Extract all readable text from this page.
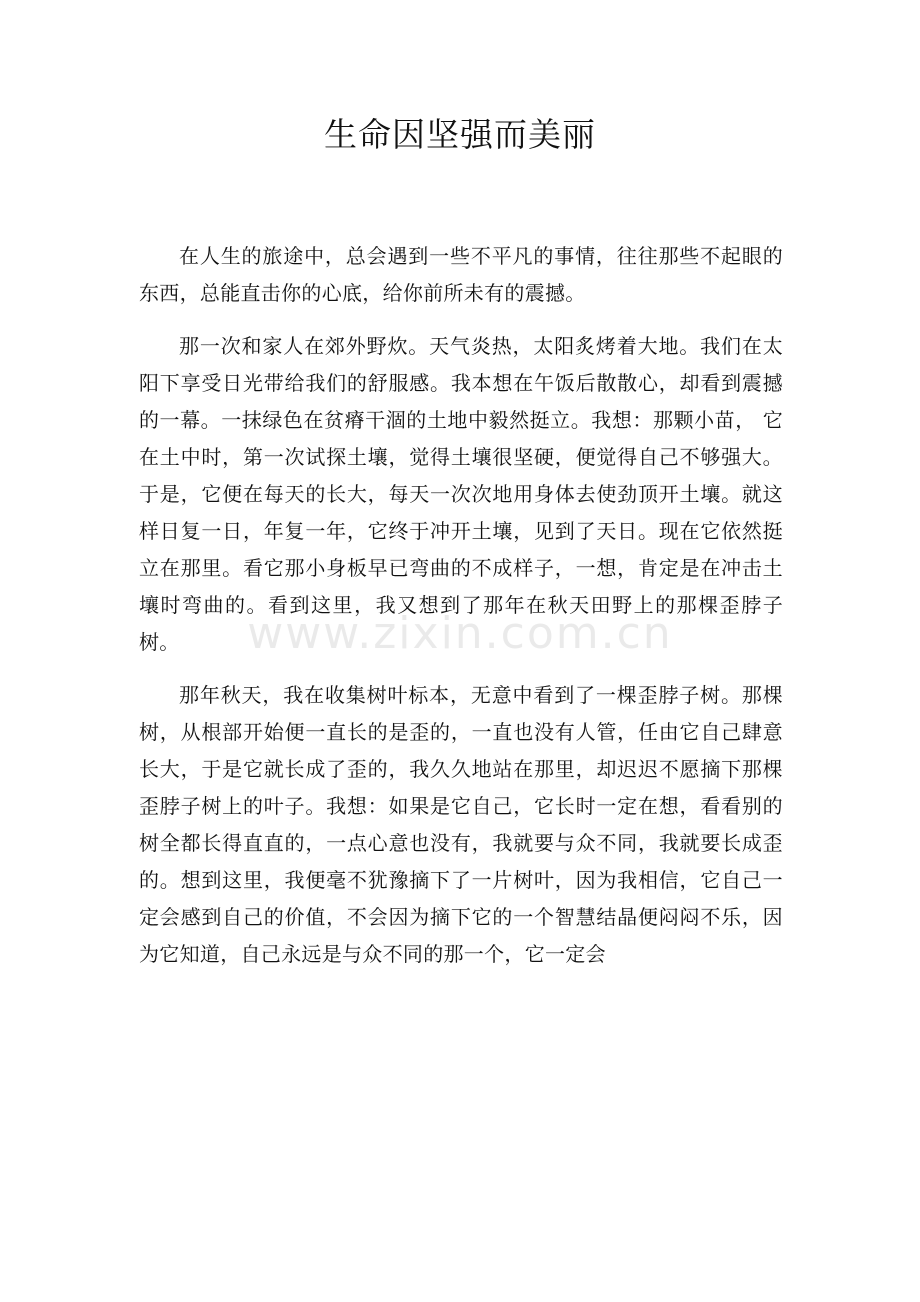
生命因坚强而美丽

在人生的旅途中，总会遇到一些不平凡的事情，往往那些不起眼的东西，总能直击你的心底，给你前所未有的震撼。

那一次和家人在郊外野炊。天气炎热，太阳炙烤着大地。我们在太阳下享受日光带给我们的舒服感。我本想在午饭后散散心，却看到震撼的一幕。一抹绿色在贫瘠干涸的土地中毅然挺立。我想：那颗小苗， 它在土中时，第一次试探土壤，觉得土壤很坚硬，便觉得自己不够强大。于是，它便在每天的长大，每天一次次地用身体去使劲顶开土壤。就这样日复一日，年复一年，它终于冲开土壤，见到了天日。现在它依然挺立在那里。看它那小身板早已弯曲的不成样子，一想，肯定是在冲击土壤时弯曲的。看到这里，我又想到了那年在秋天田野上的那棵歪脖子树。

那年秋天，我在收集树叶标本，无意中看到了一棵歪脖子树。那棵树，从根部开始便一直长的是歪的，一直也没有人管，任由它自己肆意长大，于是它就长成了歪的，我久久地站在那里，却迟迟不愿摘下那棵歪脖子树上的叶子。我想：如果是它自己，它长时一定在想，看看别的树全都长得直直的，一点心意也没有，我就要与众不同，我就要长成歪的。想到这里，我便毫不犹豫摘下了一片树叶，因为我相信，它自己一定会感到自己的价值，不会因为摘下它的一个智慧结晶便闷闷不乐，因为它知道，自己永远是与众不同的那一个，它一定会

www.zixin.com.cn
